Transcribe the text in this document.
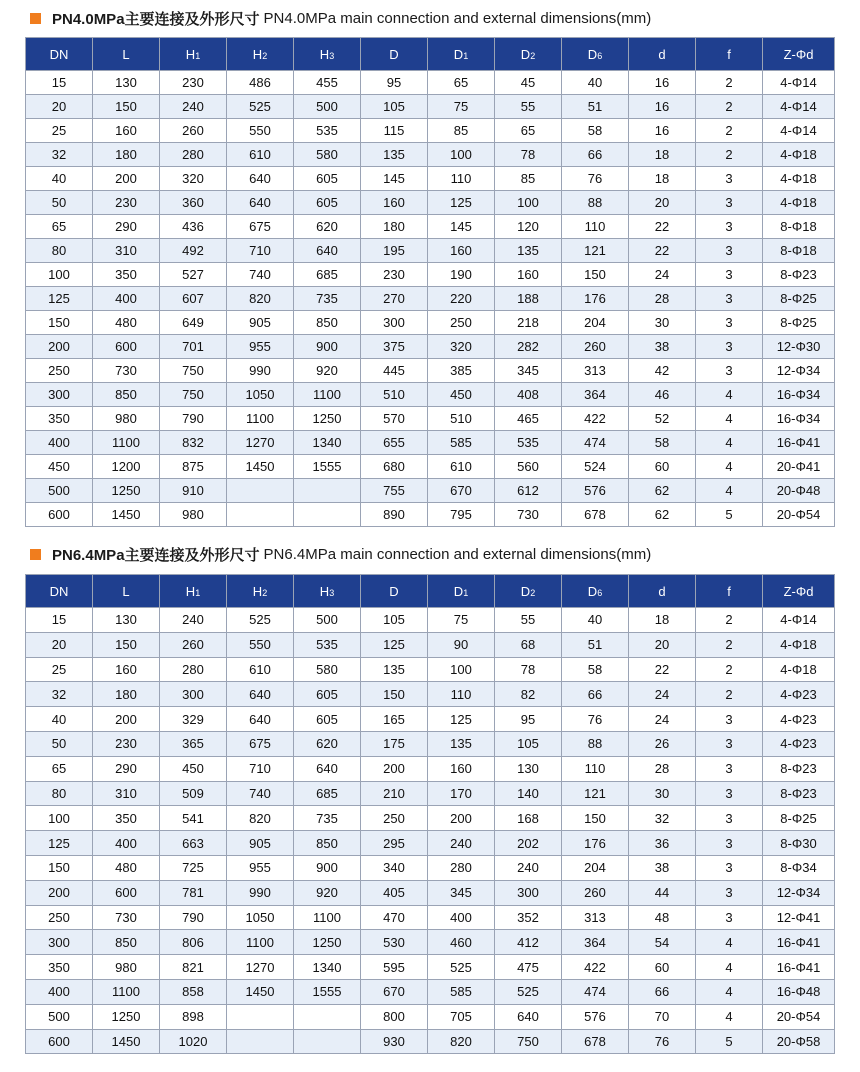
PN4.0MPa主要连接及外形尺寸 PN4.0MPa main connection and external dimensions(mm)
DN	L	H1	H2	H3	D	D1	D2	D6	d	f	Z-Φd
15	130	230	486	455	95	65	45	40	16	2	4-Φ14
20	150	240	525	500	105	75	55	51	16	2	4-Φ14
25	160	260	550	535	115	85	65	58	16	2	4-Φ14
32	180	280	610	580	135	100	78	66	18	2	4-Φ18
40	200	320	640	605	145	110	85	76	18	3	4-Φ18
50	230	360	640	605	160	125	100	88	20	3	4-Φ18
65	290	436	675	620	180	145	120	110	22	3	8-Φ18
80	310	492	710	640	195	160	135	121	22	3	8-Φ18
100	350	527	740	685	230	190	160	150	24	3	8-Φ23
125	400	607	820	735	270	220	188	176	28	3	8-Φ25
150	480	649	905	850	300	250	218	204	30	3	8-Φ25
200	600	701	955	900	375	320	282	260	38	3	12-Φ30
250	730	750	990	920	445	385	345	313	42	3	12-Φ34
300	850	750	1050	1100	510	450	408	364	46	4	16-Φ34
350	980	790	1100	1250	570	510	465	422	52	4	16-Φ34
400	1100	832	1270	1340	655	585	535	474	58	4	16-Φ41
450	1200	875	1450	1555	680	610	560	524	60	4	20-Φ41
500	1250	910			755	670	612	576	62	4	20-Φ48
600	1450	980			890	795	730	678	62	5	20-Φ54
PN6.4MPa主要连接及外形尺寸 PN6.4MPa main connection and external dimensions(mm)
DN	L	H1	H2	H3	D	D1	D2	D6	d	f	Z-Φd
15	130	240	525	500	105	75	55	40	18	2	4-Φ14
20	150	260	550	535	125	90	68	51	20	2	4-Φ18
25	160	280	610	580	135	100	78	58	22	2	4-Φ18
32	180	300	640	605	150	110	82	66	24	2	4-Φ23
40	200	329	640	605	165	125	95	76	24	3	4-Φ23
50	230	365	675	620	175	135	105	88	26	3	4-Φ23
65	290	450	710	640	200	160	130	110	28	3	8-Φ23
80	310	509	740	685	210	170	140	121	30	3	8-Φ23
100	350	541	820	735	250	200	168	150	32	3	8-Φ25
125	400	663	905	850	295	240	202	176	36	3	8-Φ30
150	480	725	955	900	340	280	240	204	38	3	8-Φ34
200	600	781	990	920	405	345	300	260	44	3	12-Φ34
250	730	790	1050	1100	470	400	352	313	48	3	12-Φ41
300	850	806	1100	1250	530	460	412	364	54	4	16-Φ41
350	980	821	1270	1340	595	525	475	422	60	4	16-Φ41
400	1100	858	1450	1555	670	585	525	474	66	4	16-Φ48
500	1250	898			800	705	640	576	70	4	20-Φ54
600	1450	1020			930	820	750	678	76	5	20-Φ58
